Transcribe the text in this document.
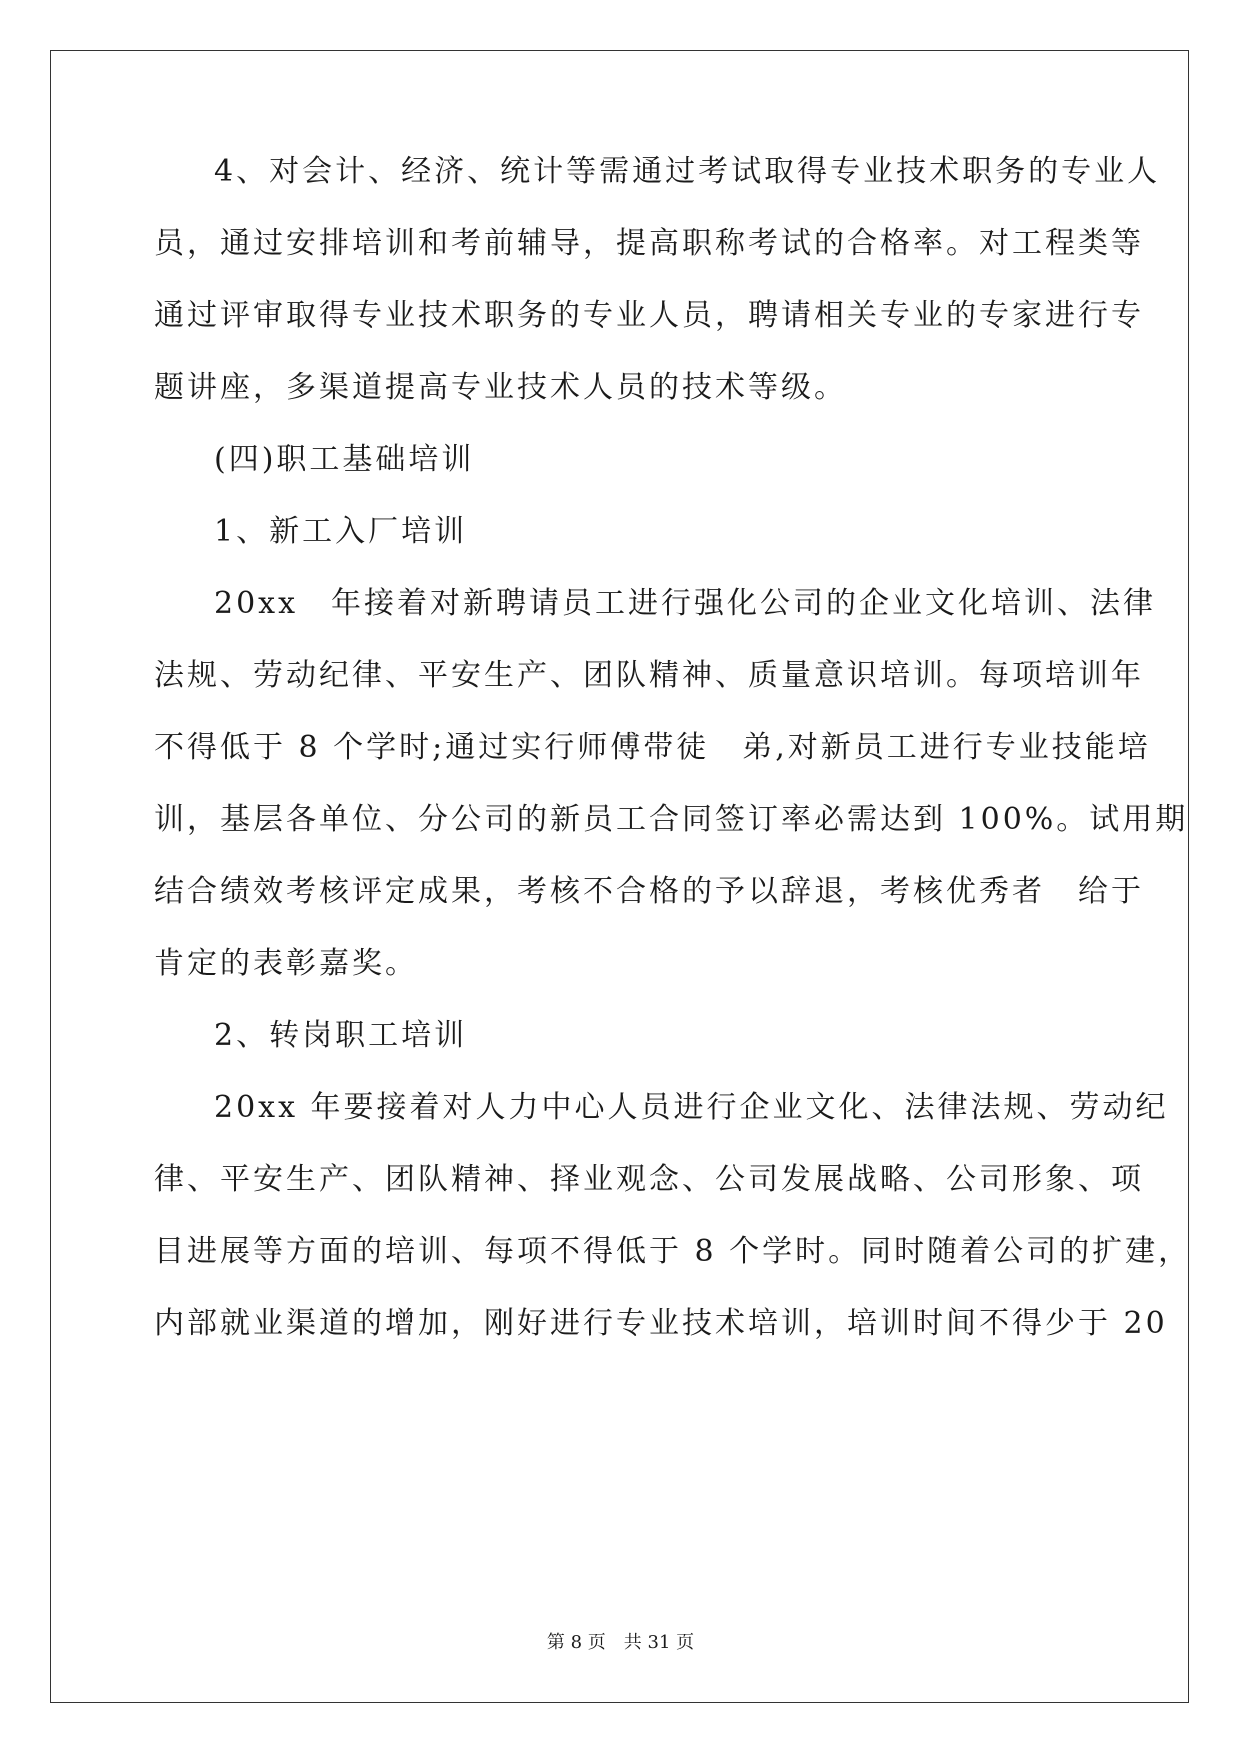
4、对会计、经济、统计等需通过考试取得专业技术职务的专业人
员，通过安排培训和考前辅导，提高职称考试的合格率。对工程类等
通过评审取得专业技术职务的专业人员，聘请相关专业的专家进行专
题讲座，多渠道提高专业技术人员的技术等级。
(四)职工基础培训
1、新工入厂培训
20xx　年接着对新聘请员工进行强化公司的企业文化培训、法律
法规、劳动纪律、平安生产、团队精神、质量意识培训。每项培训年
不得低于 8 个学时;通过实行师傅带徒　弟,对新员工进行专业技能培
训，基层各单位、分公司的新员工合同签订率必需达到 100%。试用期
结合绩效考核评定成果，考核不合格的予以辞退，考核优秀者　给于
肯定的表彰嘉奖。
2、转岗职工培训
20xx 年要接着对人力中心人员进行企业文化、法律法规、劳动纪
律、平安生产、团队精神、择业观念、公司发展战略、公司形象、项
目进展等方面的培训、每项不得低于 8 个学时。同时随着公司的扩建，
内部就业渠道的增加，刚好进行专业技术培训，培训时间不得少于 20
第 8 页　共 31 页
